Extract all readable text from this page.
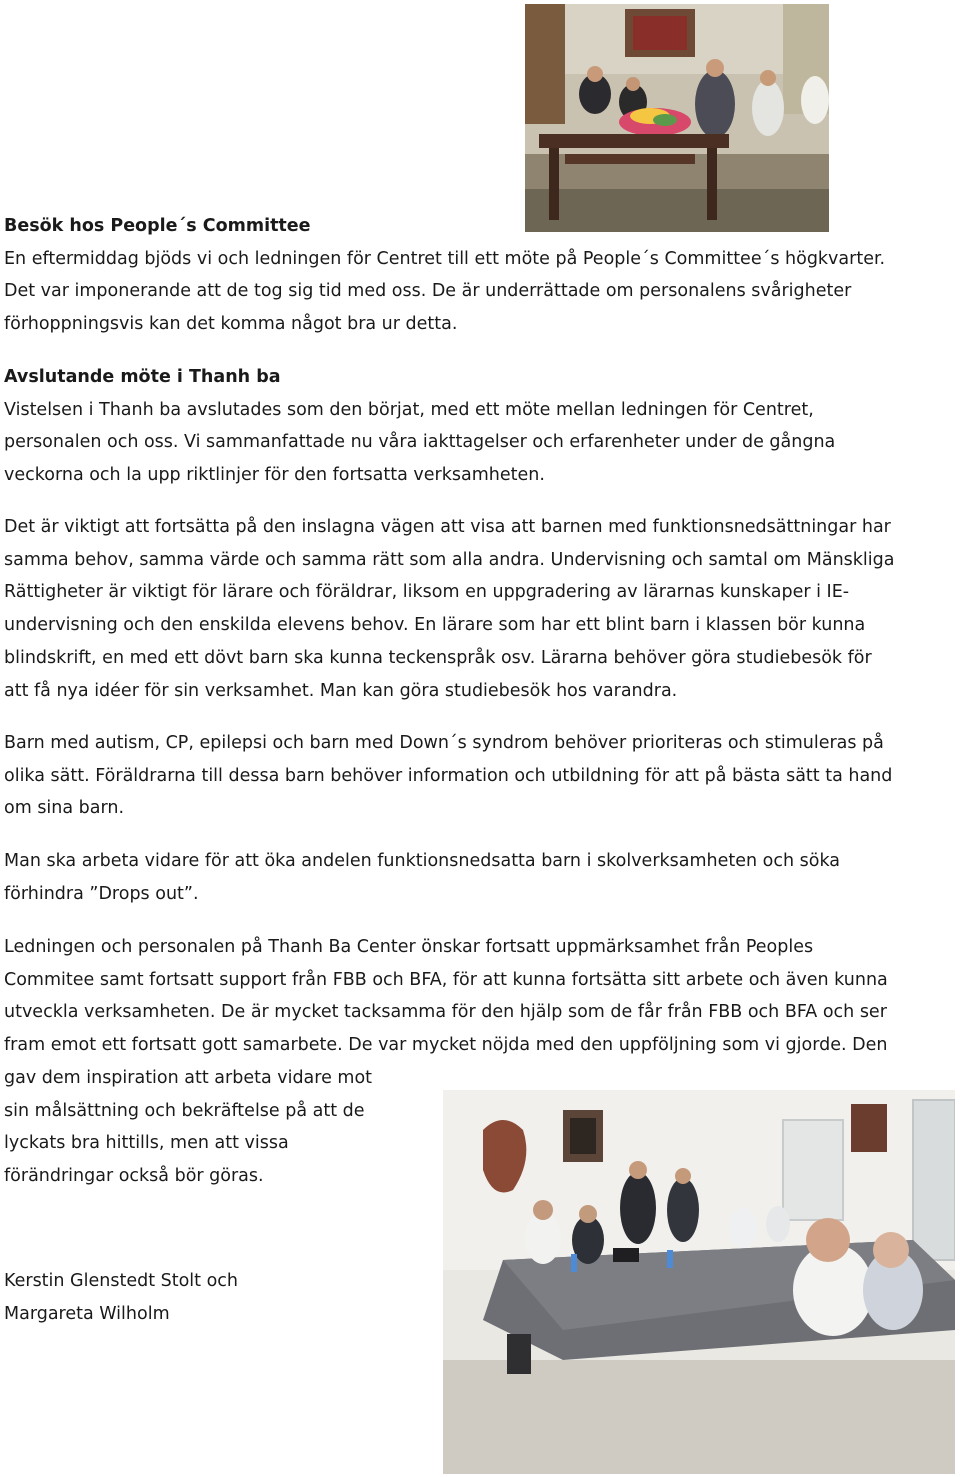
Besök hos People´s Committee

En eftermiddag bjöds vi och ledningen för Centret till ett möte på People´s Committee´s högkvarter.
Det var imponerande att de tog sig tid med oss. De är underrättade om personalens svårigheter
förhoppningsvis kan det komma något bra ur detta.

Avslutande möte i Thanh ba

Vistelsen i Thanh ba avslutades som den börjat, med ett möte mellan ledningen för Centret,
personalen och oss. Vi sammanfattade nu våra iakttagelser och erfarenheter under de gångna
veckorna och la upp riktlinjer för den fortsatta verksamheten.
Det är viktigt att fortsätta på den inslagna vägen att visa att barnen med funktionsnedsättningar har
samma behov, samma värde och samma rätt som alla andra. Undervisning och samtal om Mänskliga
Rättigheter är viktigt för lärare och föräldrar, liksom en uppgradering av lärarnas kunskaper i IE-
undervisning och den enskilda elevens behov. En lärare som har ett blint barn i klassen bör kunna
blindskrift, en med ett dövt barn ska kunna teckenspråk osv. Lärarna behöver göra studiebesök för
att få nya idéer för sin verksamhet. Man kan göra studiebesök hos varandra.
Barn med autism, CP, epilepsi och barn med Down´s syndrom behöver prioriteras och stimuleras på
olika sätt. Föräldrarna till dessa barn behöver information och utbildning för att på bästa sätt ta hand
om sina barn.
Man ska arbeta vidare för att öka andelen funktionsnedsatta barn i skolverksamheten och söka
förhindra ”Drops out”.
Ledningen och personalen på Thanh Ba Center önskar fortsatt uppmärksamhet från Peoples
Commitee samt fortsatt support från FBB och BFA, för att kunna fortsätta sitt arbete och även kunna
utveckla verksamheten. De är mycket tacksamma för den hjälp som de får från FBB och BFA och ser
fram emot ett fortsatt gott samarbete. De var mycket nöjda med den uppföljning som vi gjorde. Den
gav dem inspiration att arbeta vidare mot
sin målsättning och bekräftelse på att de
lyckats bra hittills, men att vissa
förändringar också bör göras.
Kerstin Glenstedt Stolt och
Margareta Wilholm
